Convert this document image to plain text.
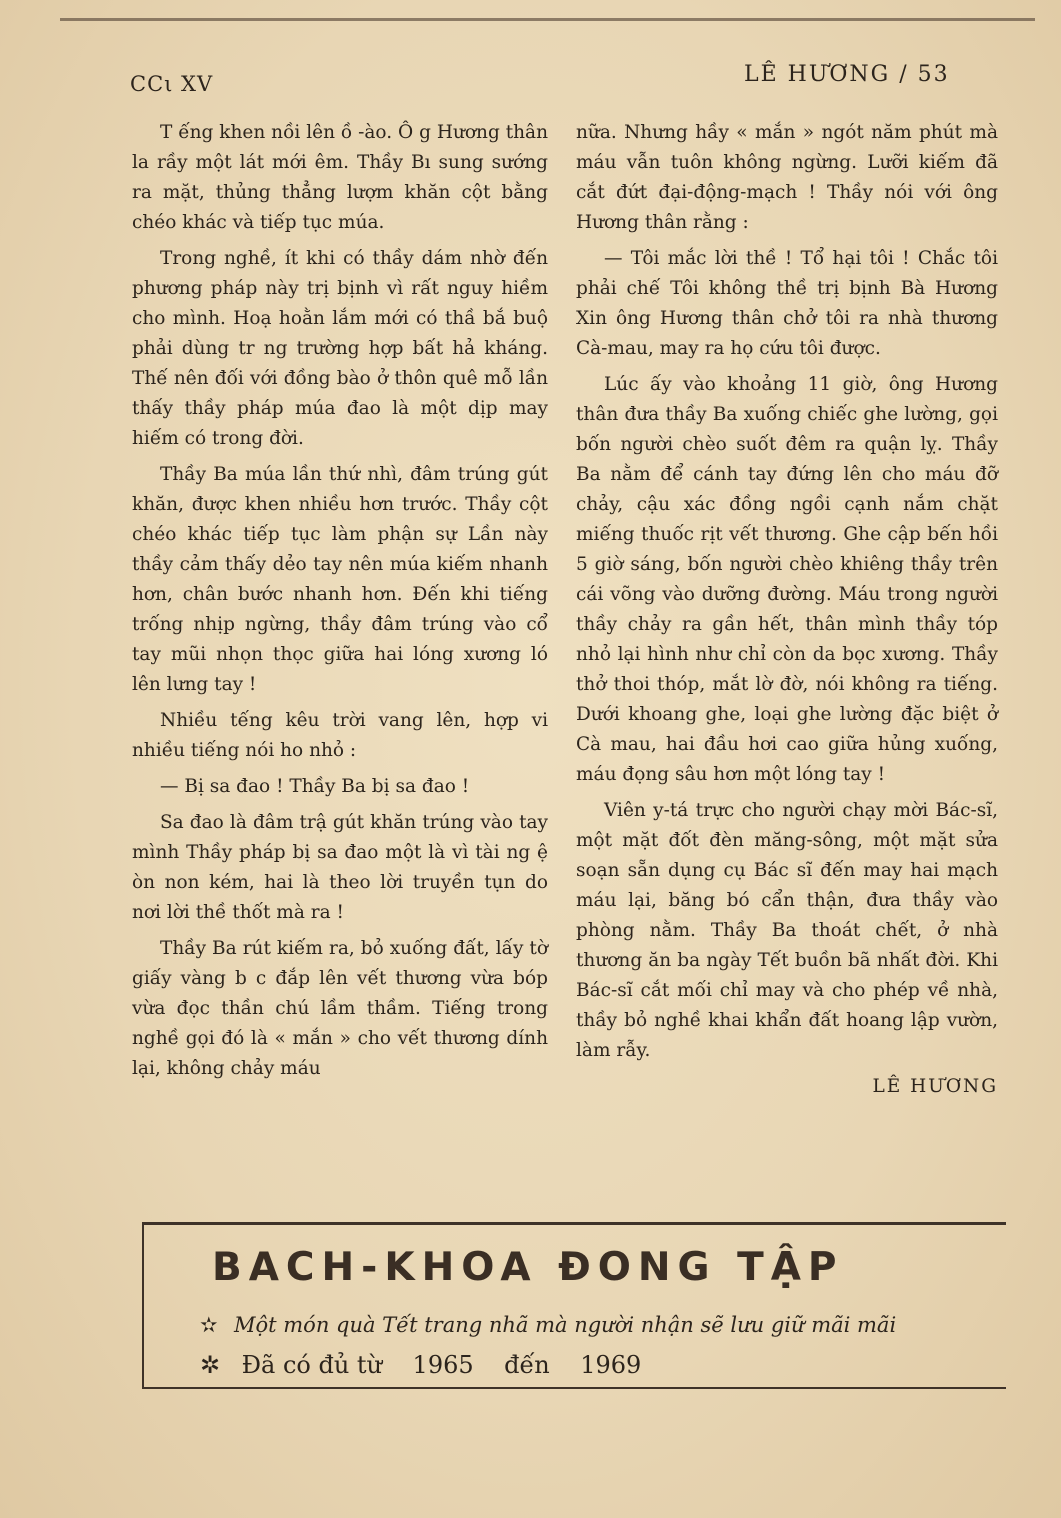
CCι XV	LÊ HƯƠNG / 53

T ếng khen nồi lên ồ -ào. Ô g Hương thân la rầy một lát mới êm. Thầy Bı sung sướng ra mặt, thủng thẳng lượm khăn cột bằng chéo khác và tiếp tục múa.

Trong nghề, ít khi có thầy dám nhờ đến phương pháp này trị bịnh vì rất nguy hiềm cho mình. Hoạ hoằn lắm mới có thầ bắ buộ phải dùng tr ng trường hợp bất hả kháng. Thế nên đối với đồng bào ở thôn quê mỗ lần thấy thầy pháp múa đao là một dịp may hiếm có trong đời.

Thầy Ba múa lần thứ nhì, đâm trúng gút khăn, được khen nhiều hơn trước. Thầy cột chéo khác tiếp tục làm phận sự Lần này thầy cảm thấy dẻo tay nên múa kiếm nhanh hơn, chân bước nhanh hơn. Đến khi tiếng trống nhịp ngừng, thầy đâm trúng vào cổ tay mũi nhọn thọc giữa hai lóng xương ló lên lưng tay !

Nhiều tếng kêu trời vang lên, hợp vi nhiều tiếng nói ho nhỏ :

— Bị sa đao ! Thầy Ba bị sa đao !

Sa đao là đâm trậ gút khăn trúng vào tay mình Thầy pháp bị sa đao một là vì tài ng ệ òn non kém, hai là theo lời truyền tụn do nơi lời thề thốt mà ra !

Thầy Ba rút kiếm ra, bỏ xuống đất, lấy tờ giấy vàng b c đắp lên vết thương vừa bóp vừa đọc thần chú lầm thầm. Tiếng trong nghề gọi đó là « mắn » cho vết thương dính lại, không chảy máu

nữa. Nhưng hầy « mắn » ngót năm phút mà máu vẫn tuôn không ngừng. Lưỡi kiếm đã cắt đứt đại-động-mạch ! Thầy nói với ông Hương thân rằng :

— Tôi mắc lời thề ! Tổ hại tôi ! Chắc tôi phải chế Tôi không thề trị bịnh Bà Hương Xin ông Hương thân chở tôi ra nhà thương Cà-mau, may ra họ cứu tôi được.

Lúc ấy vào khoảng 11 giờ, ông Hương thân đưa thầy Ba xuống chiếc ghe lường, gọi bốn người chèo suốt đêm ra quận lỵ. Thầy Ba nằm để cánh tay đứng lên cho máu đỡ chảy, cậu xác đồng ngồi cạnh nắm chặt miếng thuốc rịt vết thương. Ghe cập bến hồi 5 giờ sáng, bốn người chèo khiêng thầy trên cái võng vào dưỡng đường. Máu trong người thầy chảy ra gần hết, thân mình thầy tóp nhỏ lại hình như chỉ còn da bọc xương. Thầy thở thoi thóp, mắt lờ đờ, nói không ra tiếng. Dưới khoang ghe, loại ghe lường đặc biệt ở Cà mau, hai đầu hơi cao giữa hủng xuống, máu đọng sâu hơn một lóng tay !

Viên y-tá trực cho người chạy mời Bác-sĩ, một mặt đốt đèn măng-sông, một mặt sửa soạn sẵn dụng cụ Bác sĩ đến may hai mạch máu lại, băng bó cẩn thận, đưa thầy vào phòng nằm. Thầy Ba thoát chết, ở nhà thương ăn ba ngày Tết buồn bã nhất đời. Khi Bác-sĩ cắt mối chỉ may và cho phép về nhà, thầy bỏ nghề khai khẩn đất hoang lập vườn, làm rẫy.

LÊ HƯƠNG
BACH-KHOA ĐONG TẬP
✫ Một món quà Tết trang nhã mà người nhận sẽ lưu giữ mãi mãi
✲ Đã có đủ từ 1965 đến 1969
